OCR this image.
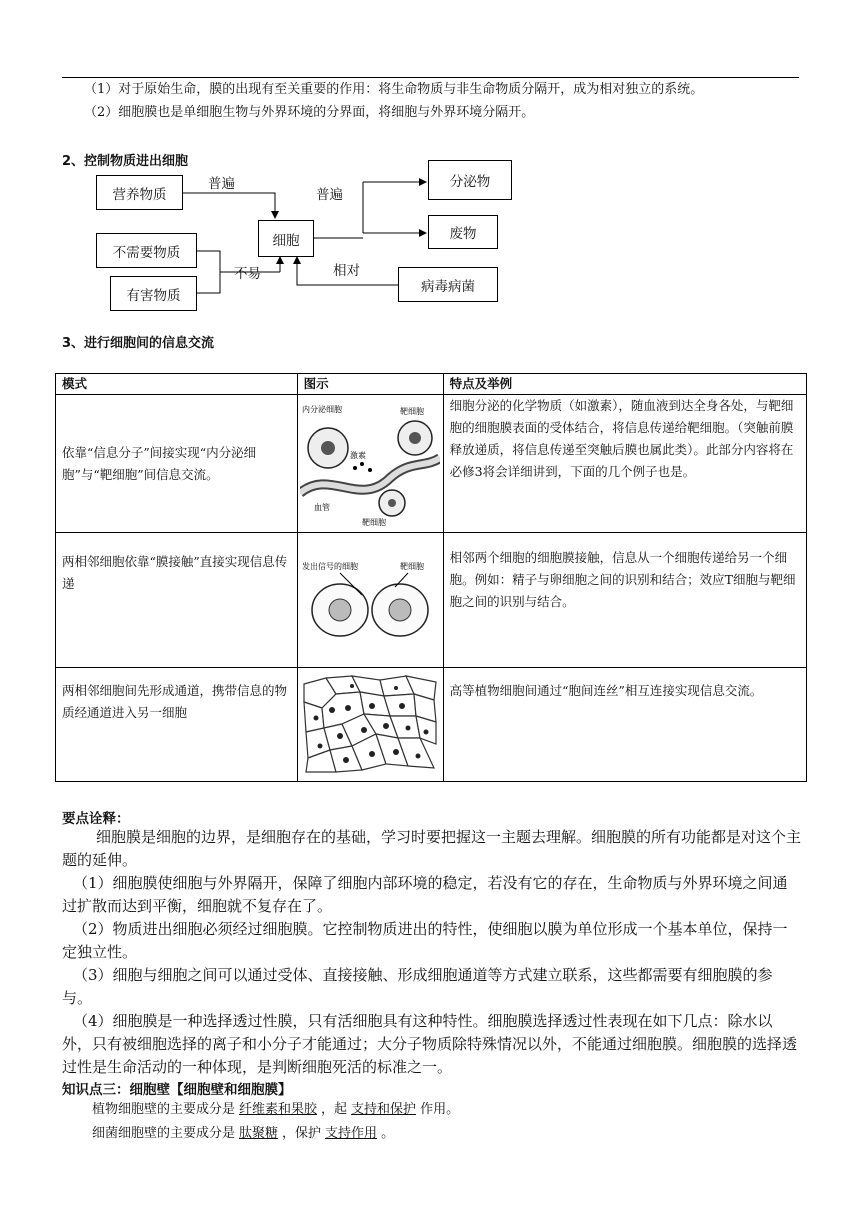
（1）对于原始生命，膜的出现有至关重要的作用：将生命物质与非生命物质分隔开，成为相对独立的系统。
（2）细胞膜也是单细胞生物与外界环境的分界面，将细胞与外界环境分隔开。
2、控制物质进出细胞
营养物质
不需要物质
有害物质
细胞
分泌物
废物
病毒病菌
普遍
普遍
不易	相对
3、进行细胞间的信息交流
模式	图示	特点及举例
依靠“信息分子”间接实现“内分泌细胞”与“靶细胞”间信息交流。	内分泌细胞 靶细胞
激素
血管
靶细胞	细胞分泌的化学物质（如激素），随血液到达全身各处，与靶细胞的细胞膜表面的受体结合，将信息传递给靶细胞。（突触前膜释放递质，将信息传递至突触后膜也属此类）。此部分内容将在必修3将会详细讲到，下面的几个例子也是。
两相邻细胞依靠“膜接触”直接实现信息传递	发出信号的细胞 靶细胞	相邻两个细胞的细胞膜接触，信息从一个细胞传递给另一个细胞。例如：精子与卵细胞之间的识别和结合；效应T细胞与靶细胞之间的识别与结合。
两相邻细胞间先形成通道，携带信息的物质经通道进入另一细胞		高等植物细胞间通过“胞间连丝”相互连接实现信息交流。
要点诠释：
细胞膜是细胞的边界，是细胞存在的基础，学习时要把握这一主题去理解。细胞膜的所有功能都是对这个主题的延伸。
（1）细胞膜使细胞与外界隔开，保障了细胞内部环境的稳定，若没有它的存在，生命物质与外界环境之间通过扩散而达到平衡，细胞就不复存在了。
（2）物质进出细胞必须经过细胞膜。它控制物质进出的特性，使细胞以膜为单位形成一个基本单位，保持一定独立性。
（3）细胞与细胞之间可以通过受体、直接接触、形成细胞通道等方式建立联系，这些都需要有细胞膜的参与。
（4）细胞膜是一种选择透过性膜，只有活细胞具有这种特性。细胞膜选择透过性表现在如下几点：除水以外，只有被细胞选择的离子和小分子才能通过；大分子物质除特殊情况以外，不能通过细胞膜。细胞膜的选择透过性是生命活动的一种体现，是判断细胞死活的标准之一。
知识点三：细胞壁【细胞壁和细胞膜】
植物细胞壁的主要成分是 纤维素和果胶 ，起 支持和保护 作用。
细菌细胞壁的主要成分是 肽聚糖 ，保护 支持作用 。
